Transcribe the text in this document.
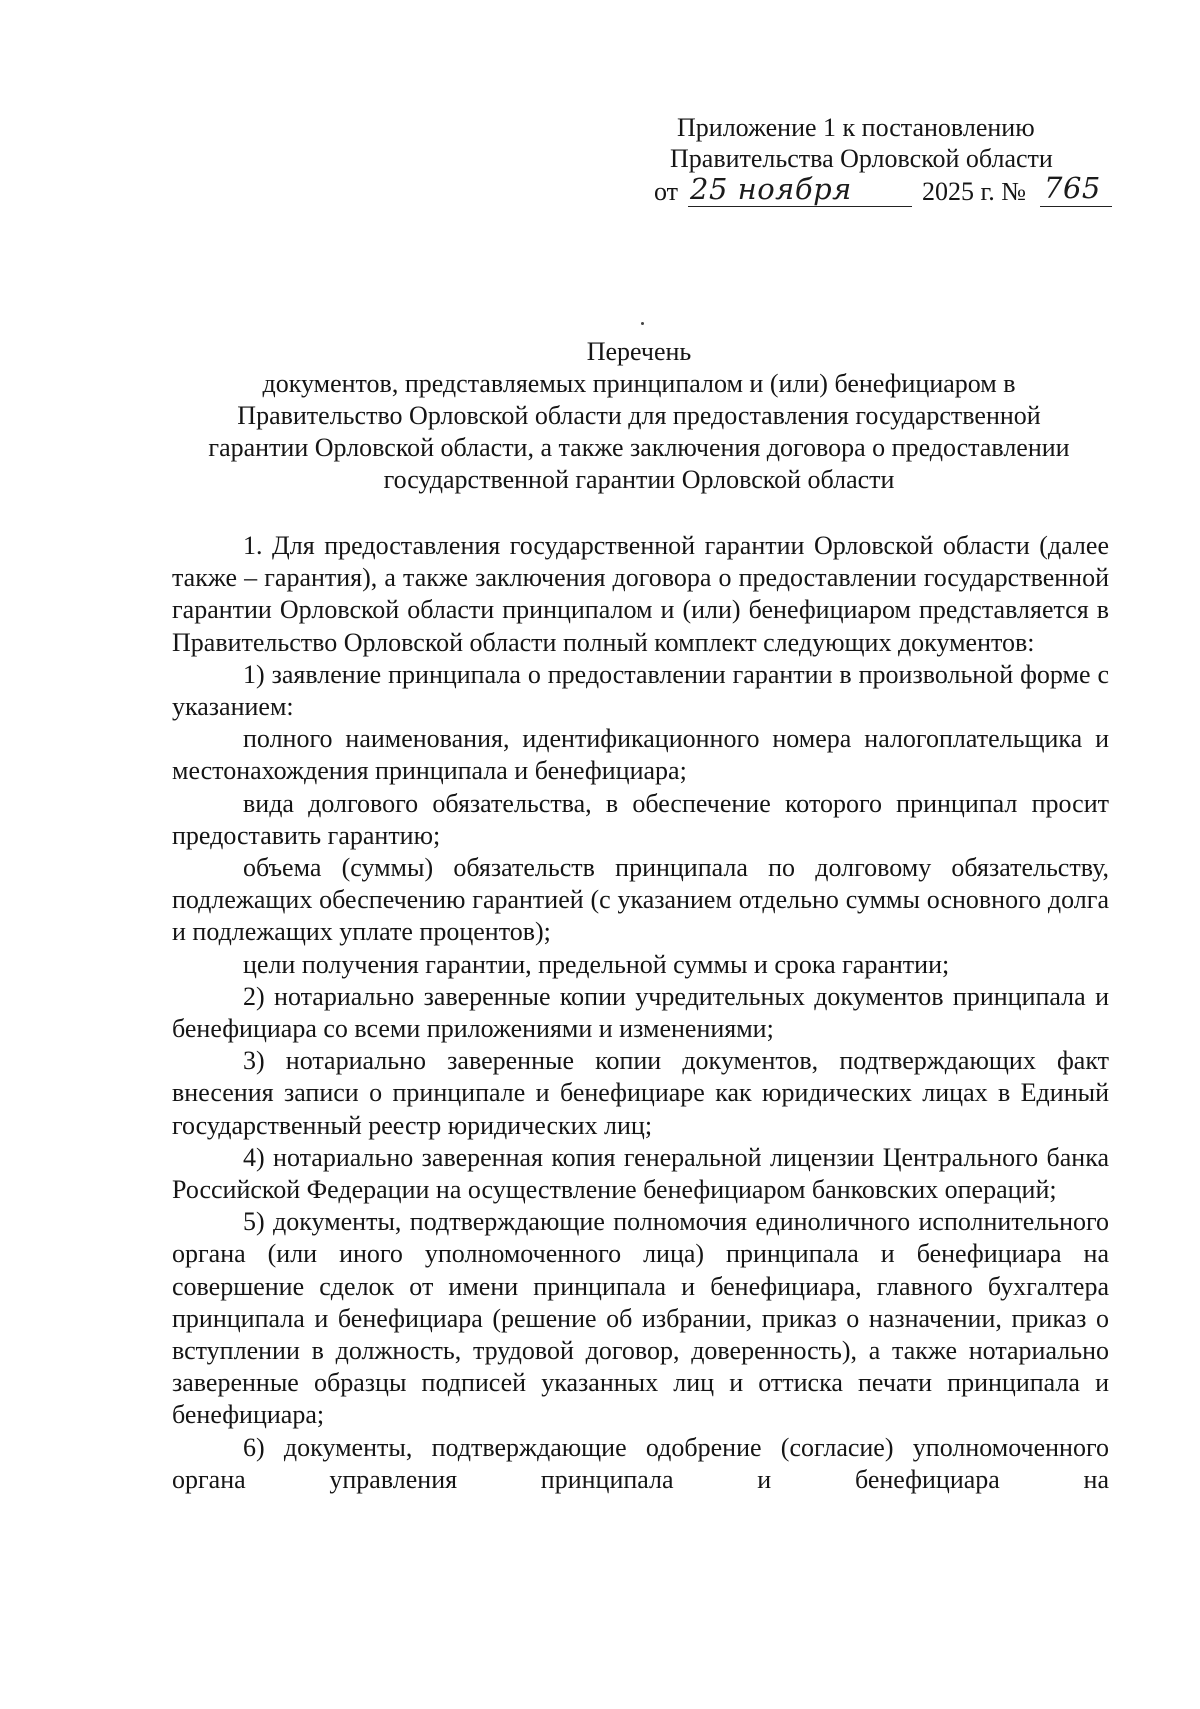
Приложение 1 к постановлению
Правительства Орловской области
от 25 ноября	2025 г. № 765
Перечень
документов, представляемых принципалом и (или) бенефициаром в
Правительство Орловской области для предоставления государственной
гарантии Орловской области, а также заключения договора о предоставлении
государственной гарантии Орловской области

1. Для предоставления государственной гарантии Орловской области (далее также – гарантия), а также заключения договора о предоставлении государственной гарантии Орловской области принципалом и (или) бенефициаром представляется в Правительство Орловской области полный комплект следующих документов:

1) заявление принципала о предоставлении гарантии в произвольной форме с указанием:

полного наименования, идентификационного номера налогоплательщика и местонахождения принципала и бенефициара;

вида долгового обязательства, в обеспечение которого принципал просит предоставить гарантию;

объема (суммы) обязательств принципала по долговому обязательству, подлежащих обеспечению гарантией (с указанием отдельно суммы основного долга и подлежащих уплате процентов);

цели получения гарантии, предельной суммы и срока гарантии;

2) нотариально заверенные копии учредительных документов принципала и бенефициара со всеми приложениями и изменениями;

3) нотариально заверенные копии документов, подтверждающих факт внесения записи о принципале и бенефициаре как юридических лицах в Единый государственный реестр юридических лиц;

4) нотариально заверенная копия генеральной лицензии Центрального банка Российской Федерации на осуществление бенефициаром банковских операций;

5) документы, подтверждающие полномочия единоличного исполнительного органа (или иного уполномоченного лица) принципала и бенефициара на совершение сделок от имени принципала и бенефициара, главного бухгалтера принципала и бенефициара (решение об избрании, приказ о назначении, приказ о вступлении в должность, трудовой договор, доверенность), а также нотариально заверенные образцы подписей указанных лиц и оттиска печати принципала и бенефициара;

6) документы, подтверждающие одобрение (согласие) уполномоченного органа управления принципала и бенефициара на
